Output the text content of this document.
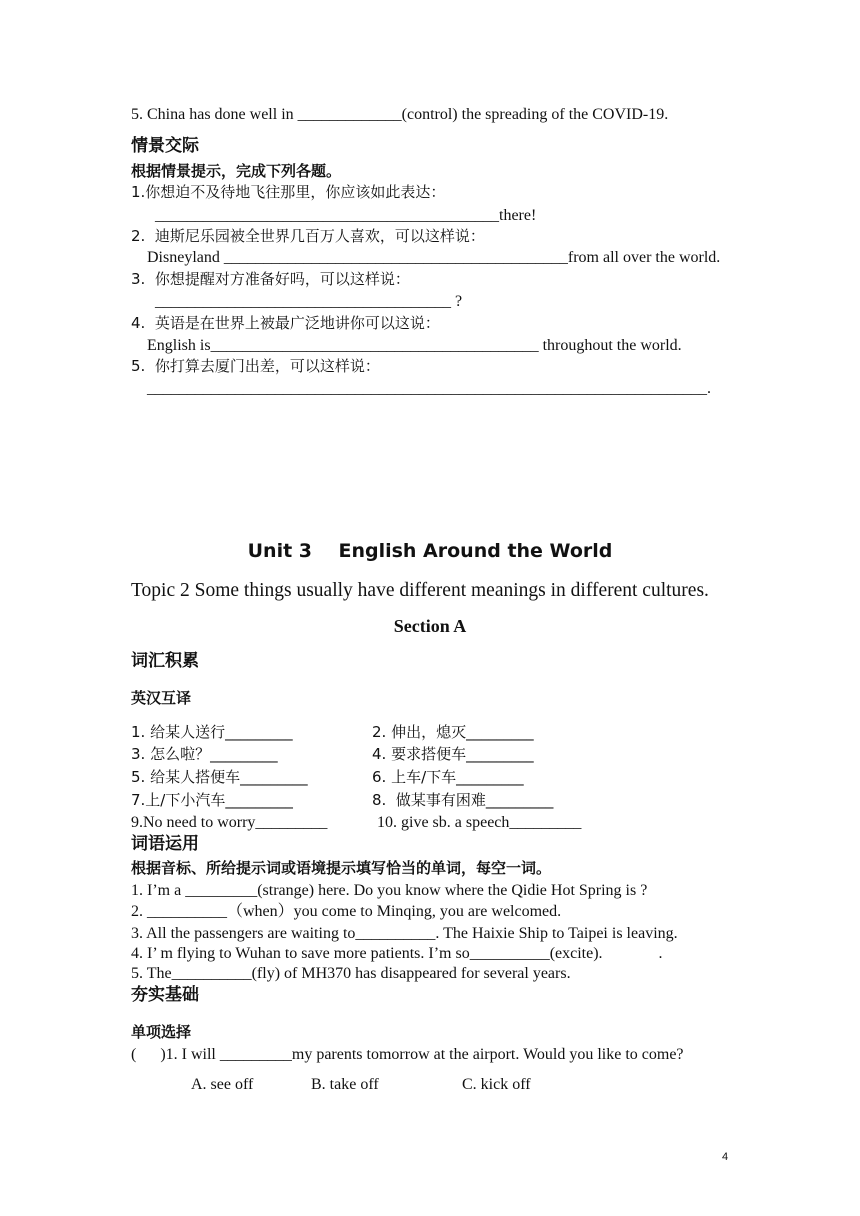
5. China has done well in _____________(control) the spreading of the COVID-19.
情景交际
根据情景提示，完成下列各题。
1.你想迫不及待地飞往那里，你应该如此表达：
___________________________________________there!
2.  迪斯尼乐园被全世界几百万人喜欢，可以这样说：
Disneyland ___________________________________________from all over the world.
3.  你想提醒对方准备好吗，可以这样说：
_____________________________________ ?
4.  英语是在世界上被最广泛地讲你可以这说：
English is_________________________________________ throughout the world.
5.  你打算去厦门出差，可以这样说：
______________________________________________________________________.
Unit 3    English Around the World
Topic 2 Some things usually have different meanings in different cultures.
Section A
词汇积累
英汉互译
1. 给某人送行_________	2. 伸出，熄灭_________
3. 怎么啦？_________	4. 要求搭便车_________
5. 给某人搭便车_________	6. 上车/下车_________
7.上/下小汽车_________	8.  做某事有困难_________
9.No need to worry_________	10. give sb. a speech_________
词语运用
根据音标、所给提示词或语境提示填写恰当的单词，每空一词。
1. I’m a _________(strange) here. Do you know where the Qidie Hot Spring is ?
2. __________（when）you come to Minqing, you are welcomed.
3. All the passengers are waiting to__________. The Haixie Ship to Taipei is leaving.
4. I’ m flying to Wuhan to save more patients. I’m so__________(excite).              .
5. The__________(fly) of MH370 has disappeared for several years.
夯实基础
单项选择
(      )1. I will _________my parents tomorrow at the airport. Would you like to come?
A. see off	B. take off	C. kick off
4
